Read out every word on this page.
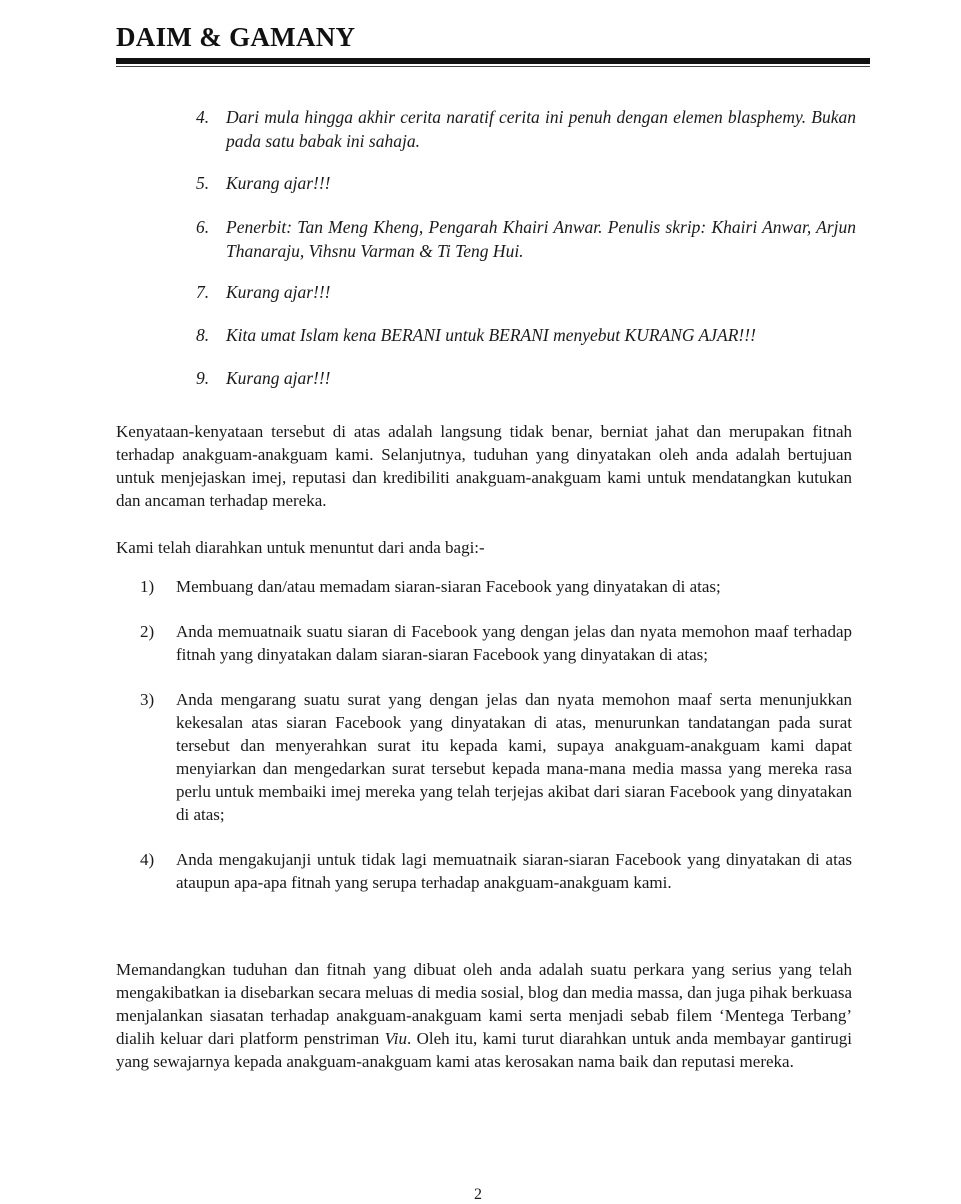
DAIM & GAMANY
4. Dari mula hingga akhir cerita naratif cerita ini penuh dengan elemen blasphemy. Bukan pada satu babak ini sahaja.
5. Kurang ajar!!!
6. Penerbit: Tan Meng Kheng, Pengarah Khairi Anwar. Penulis skrip: Khairi Anwar, Arjun Thanaraju, Vihsnu Varman & Ti Teng Hui.
7. Kurang ajar!!!
8. Kita umat Islam kena BERANI untuk BERANI menyebut KURANG AJAR!!!
9. Kurang ajar!!!

Kenyataan-kenyataan tersebut di atas adalah langsung tidak benar, berniat jahat dan merupakan fitnah terhadap anakguam-anakguam kami. Selanjutnya, tuduhan yang dinyatakan oleh anda adalah bertujuan untuk menjejaskan imej, reputasi dan kredibiliti anakguam-anakguam kami untuk mendatangkan kutukan dan ancaman terhadap mereka.

Kami telah diarahkan untuk menuntut dari anda bagi:-

1) Membuang dan/atau memadam siaran-siaran Facebook yang dinyatakan di atas;
2) Anda memuatnaik suatu siaran di Facebook yang dengan jelas dan nyata memohon maaf terhadap fitnah yang dinyatakan dalam siaran-siaran Facebook yang dinyatakan di atas;
3) Anda mengarang suatu surat yang dengan jelas dan nyata memohon maaf serta menunjukkan kekesalan atas siaran Facebook yang dinyatakan di atas, menurunkan tandatangan pada surat tersebut dan menyerahkan surat itu kepada kami, supaya anakguam-anakguam kami dapat menyiarkan dan mengedarkan surat tersebut kepada mana-mana media massa yang mereka rasa perlu untuk membaiki imej mereka yang telah terjejas akibat dari siaran Facebook yang dinyatakan di atas;
4) Anda mengakujanji untuk tidak lagi memuatnaik siaran-siaran Facebook yang dinyatakan di atas ataupun apa-apa fitnah yang serupa terhadap anakguam-anakguam kami.

Memandangkan tuduhan dan fitnah yang dibuat oleh anda adalah suatu perkara yang serius yang telah mengakibatkan ia disebarkan secara meluas di media sosial, blog dan media massa, dan juga pihak berkuasa menjalankan siasatan terhadap anakguam-anakguam kami serta menjadi sebab filem ‘Mentega Terbang’ dialih keluar dari platform penstriman Viu. Oleh itu, kami turut diarahkan untuk anda membayar gantirugi yang sewajarnya kepada anakguam-anakguam kami atas kerosakan nama baik dan reputasi mereka.

2
